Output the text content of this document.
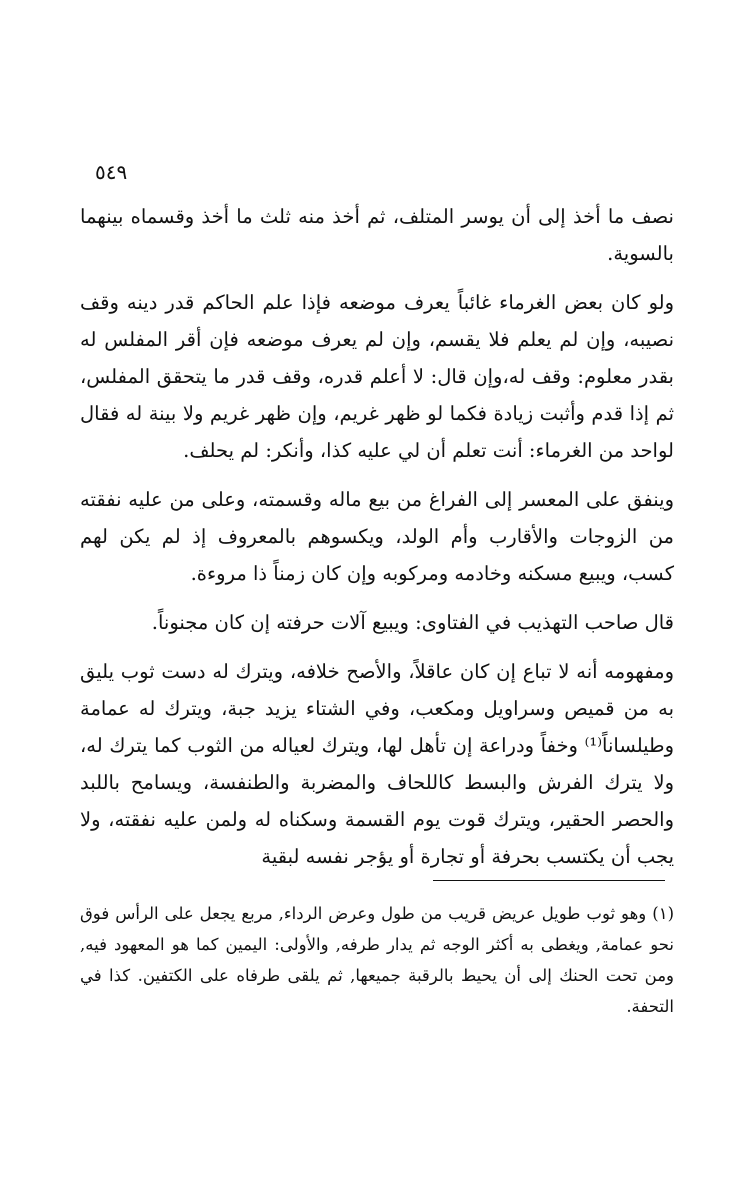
٥٤٩

نصف ما أخذ إلى أن يوسر المتلف، ثم أخذ منه ثلث ما أخذ وقسماه بينهما بالسوية.

ولو كان بعض الغرماء غائباً يعرف موضعه فإذا علم الحاكم قدر دينه وقف نصيبه، وإن لم يعلم فلا يقسم، وإن لم يعرف موضعه فإن أقر المفلس له بقدر معلوم: وقف له،وإن قال: لا أعلم قدره، وقف قدر ما يتحقق المفلس، ثم إذا قدم وأثبت زيادة فكما لو ظهر غريم، وإن ظهر غريم ولا بينة له فقال لواحد من الغرماء: أنت تعلم أن لي عليه كذا، وأنكر: لم يحلف.

وينفق على المعسر إلى الفراغ من بيع ماله وقسمته، وعلى من عليه نفقته من الزوجات والأقارب وأم الولد، ويكسوهم بالمعروف إذ لم يكن لهم كسب، ويبيع مسكنه وخادمه ومركوبه وإن كان زمناً ذا مروءة.

قال صاحب التهذيب في الفتاوى: ويبيع آلات حرفته إن كان مجنوناً.

ومفهومه أنه لا تباع إن كان عاقلاً، والأصح خلافه، ويترك له دست ثوب يليق به من قميص وسراويل ومكعب، وفي الشتاء يزيد جبة، ويترك له عمامة وطيلساناً⁽¹⁾ وخفاً ودراعة إن تأهل لها، ويترك لعياله من الثوب كما يترك له، ولا يترك الفرش والبسط كاللحاف والمضربة والطنفسة، ويسامح باللبد والحصر الحقير، ويترك قوت يوم القسمة وسكناه له ولمن عليه نفقته، ولا يجب أن يكتسب بحرفة أو تجارة أو يؤجر نفسه لبقية

(١) وهو ثوب طويل عريض قريب من طول وعرض الرداء, مربع يجعل على الرأس فوق نحو عمامة, ويغطى به أكثر الوجه ثم يدار طرفه, والأولى: اليمين كما هو المعهود فيه, ومن تحت الحنك إلى أن يحيط بالرقبة جميعها, ثم يلقى طرفاه على الكتفين. كذا في التحفة.
